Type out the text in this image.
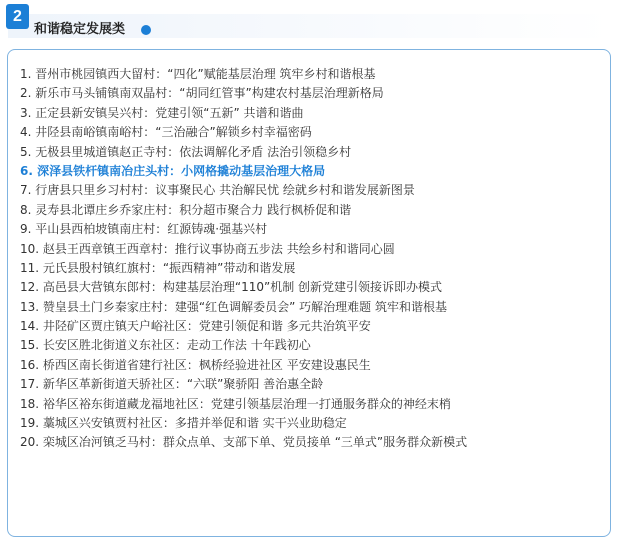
2
和谐稳定发展类
1. 晋州市桃园镇西大留村：“四化”赋能基层治理 筑牢乡村和谐根基
2. 新乐市马头铺镇南双晶村：“胡同红管事”构建农村基层治理新格局
3. 正定县新安镇吴兴村：党建引领“五新” 共谱和谐曲
4. 井陉县南峪镇南峪村：“三治融合”解锁乡村幸福密码
5. 无极县里城道镇赵正寺村：依法调解化矛盾 法治引领稳乡村
6. 深泽县铁杆镇南冶庄头村：小网格撬动基层治理大格局
7. 行唐县只里乡习村村：议事聚民心 共治解民忧 绘就乡村和谐发展新图景
8. 灵寿县北谭庄乡乔家庄村：积分超市聚合力 践行枫桥促和谐
9. 平山县西柏坡镇南庄村：红源铸魂·强基兴村
10. 赵县王西章镇王西章村：推行议事协商五步法 共绘乡村和谐同心圆
11. 元氏县殷村镇红旗村：“振西精神”带动和谐发展
12. 高邑县大营镇东郎村：构建基层治理“110”机制 创新党建引领接诉即办模式
13. 赞皇县土门乡秦家庄村：建强“红色调解委员会” 巧解治理难题 筑牢和谐根基
14. 井陉矿区贾庄镇天户峪社区：党建引领促和谐 多元共治筑平安
15. 长安区胜北街道义东社区：走动工作法 十年践初心
16. 桥西区南长街道省建行社区：枫桥经验进社区 平安建设惠民生
17. 新华区革新街道天骄社区：“六联”聚骄阳 善治惠全龄
18. 裕华区裕东街道藏龙福地社区：党建引领基层治理一打通服务群众的神经末梢
19. 藁城区兴安镇贾村社区：多措并举促和谐 实干兴业助稳定
20. 栾城区冶河镇乏马村：群众点单、支部下单、党员接单 “三单式”服务群众新模式
